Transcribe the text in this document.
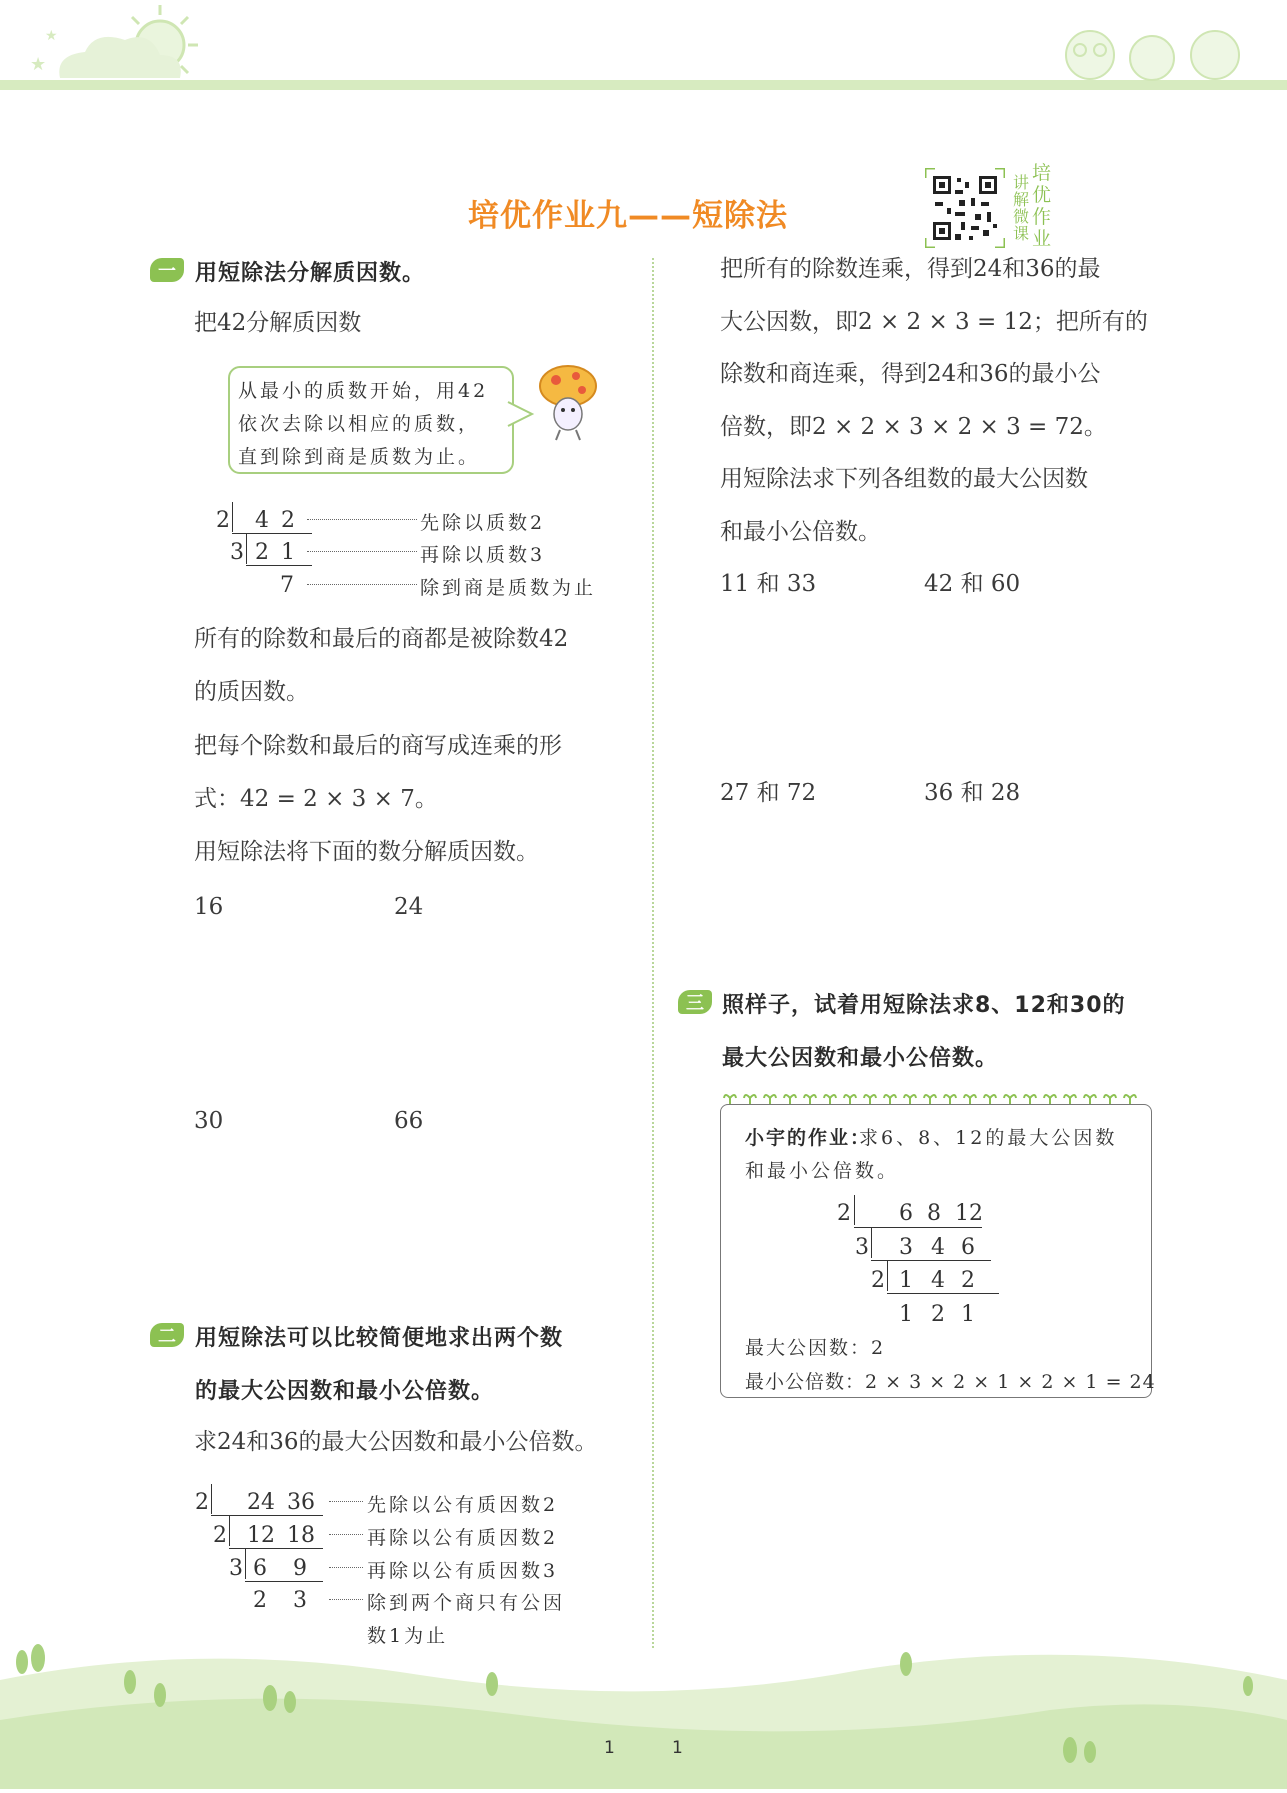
★
★
培优作业九——短除法
讲解微课
培优作业
一 用短除法分解质因数。
把42分解质因数
从最小的质数开始，用42
依次去除以相应的质数，
直到除到商是质数为止。
2 4 2
3 2 1
7
先除以质数2
再除以质数3
除到商是质数为止
所有的除数和最后的商都是被除数42
的质因数。
把每个除数和最后的商写成连乘的形
式：42 = 2 × 3 × 7。
用短除法将下面的数分解质因数。
16	24
30	66
二 用短除法可以比较简便地求出两个数
的最大公因数和最小公倍数。
求24和36的最大公因数和最小公倍数。
2 24 36
2 12 18
3 6 9
2 3
先除以公有质因数2
再除以公有质因数2
再除以公有质因数3
除到两个商只有公因
数1为止
把所有的除数连乘，得到24和36的最
大公因数，即2 × 2 × 3 = 12；把所有的
除数和商连乘，得到24和36的最小公
倍数，即2 × 2 × 3 × 2 × 3 = 72。
用短除法求下列各组数的最大公因数
和最小公倍数。
11 和 33	42 和 60
27 和 72	36 和 28
三 照样子，试着用短除法求8、12和30的
最大公因数和最小公倍数。
小宇的作业：
求6、8、12的最大公因数
和最小公倍数。
2 6 8 12
3 3 4 6
2 1 4 2
1 2 1
最大公因数：2
最小公倍数：2 × 3 × 2 × 1 × 2 × 1 = 24
1	1
